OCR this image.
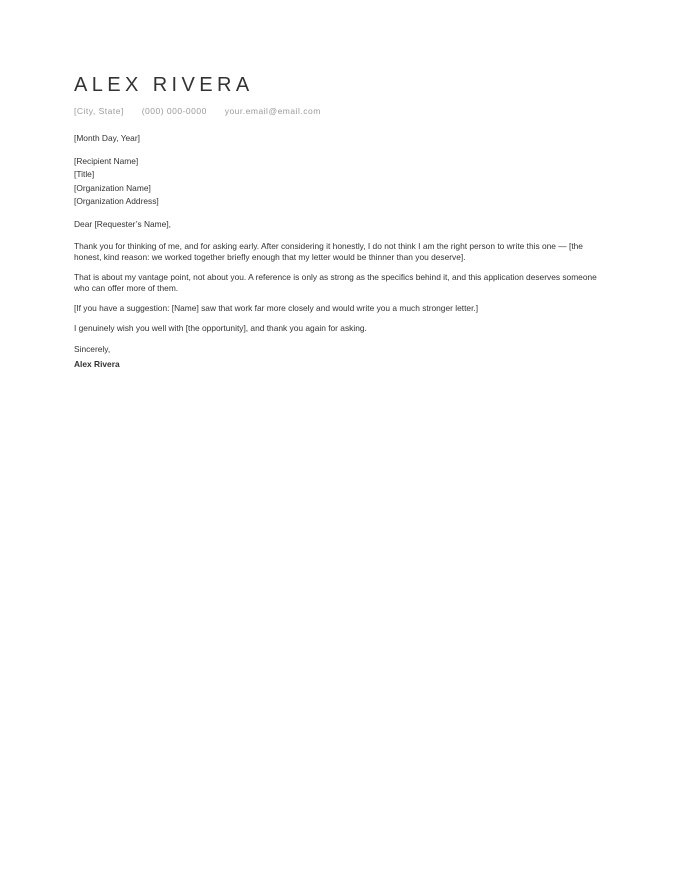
ALEX RIVERA
[City, State] (000) 000-0000 your.email@email.com
[Month Day, Year]
[Recipient Name]
[Title]
[Organization Name]
[Organization Address]
Dear [Requester’s Name],
Thank you for thinking of me, and for asking early. After considering it honestly, I do not think I am the right person to write this one — [the honest, kind reason: we worked together briefly enough that my letter would be thinner than you deserve].
That is about my vantage point, not about you. A reference is only as strong as the specifics behind it, and this application deserves someone who can offer more of them.
[If you have a suggestion: [Name] saw that work far more closely and would write you a much stronger letter.]
I genuinely wish you well with [the opportunity], and thank you again for asking.
Sincerely,
Alex Rivera
